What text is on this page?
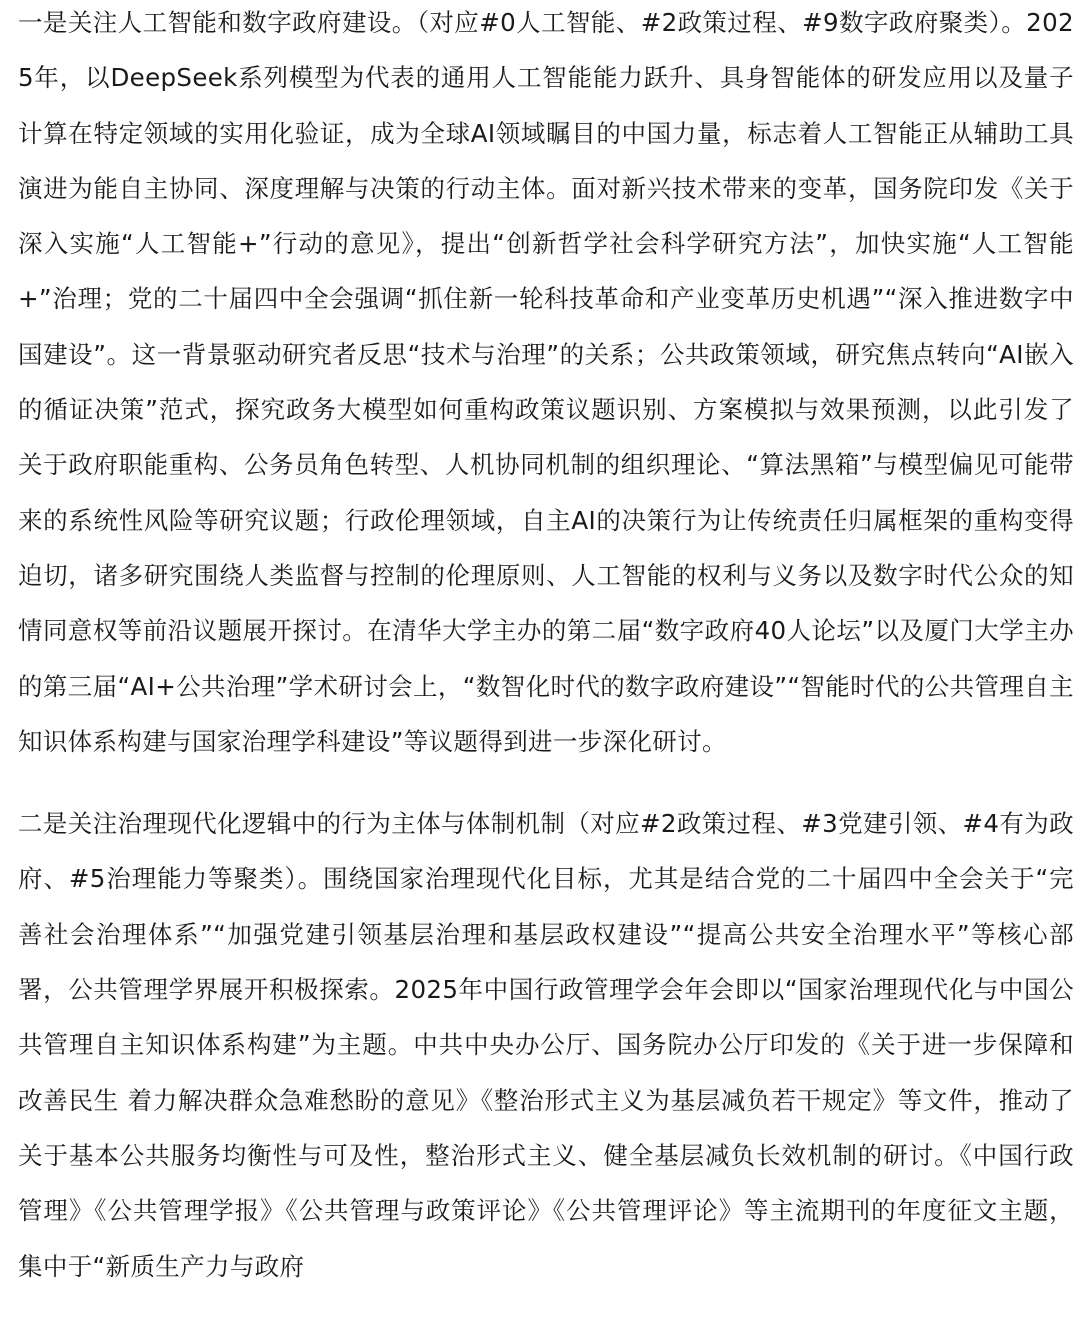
一是关注人工智能和数字政府建设。（对应#0人工智能、#2政策过程、#9数字政府聚类）。2025年，以DeepSeek系列模型为代表的通用人工智能能力跃升、具身智能体的研发应用以及量子计算在特定领域的实用化验证，成为全球AI领域瞩目的中国力量，标志着人工智能正从辅助工具演进为能自主协同、深度理解与决策的行动主体。面对新兴技术带来的变革，国务院印发《关于深入实施“人工智能+”行动的意见》，提出“创新哲学社会科学研究方法”，加快实施“人工智能+”治理；党的二十届四中全会强调“抓住新一轮科技革命和产业变革历史机遇”“深入推进数字中国建设”。这一背景驱动研究者反思“技术与治理”的关系；公共政策领域，研究焦点转向“AI嵌入的循证决策”范式，探究政务大模型如何重构政策议题识别、方案模拟与效果预测，以此引发了关于政府职能重构、公务员角色转型、人机协同机制的组织理论、“算法黑箱”与模型偏见可能带来的系统性风险等研究议题；行政伦理领域，自主AI的决策行为让传统责任归属框架的重构变得迫切，诸多研究围绕人类监督与控制的伦理原则、人工智能的权利与义务以及数字时代公众的知情同意权等前沿议题展开探讨。在清华大学主办的第二届“数字政府40人论坛”以及厦门大学主办的第三届“AI+公共治理”学术研讨会上，“数智化时代的数字政府建设”“智能时代的公共管理自主知识体系构建与国家治理学科建设”等议题得到进一步深化研讨。

二是关注治理现代化逻辑中的行为主体与体制机制（对应#2政策过程、#3党建引领、#4有为政府、#5治理能力等聚类）。围绕国家治理现代化目标，尤其是结合党的二十届四中全会关于“完善社会治理体系”“加强党建引领基层治理和基层政权建设”“提高公共安全治理水平”等核心部署，公共管理学界展开积极探索。2025年中国行政管理学会年会即以“国家治理现代化与中国公共管理自主知识体系构建”为主题。中共中央办公厅、国务院办公厅印发的《关于进一步保障和改善民生 着力解决群众急难愁盼的意见》《整治形式主义为基层减负若干规定》等文件，推动了关于基本公共服务均衡性与可及性，整治形式主义、健全基层减负长效机制的研讨。《中国行政管理》《公共管理学报》《公共管理与政策评论》《公共管理评论》等主流期刊的年度征文主题，集中于“新质生产力与政府
